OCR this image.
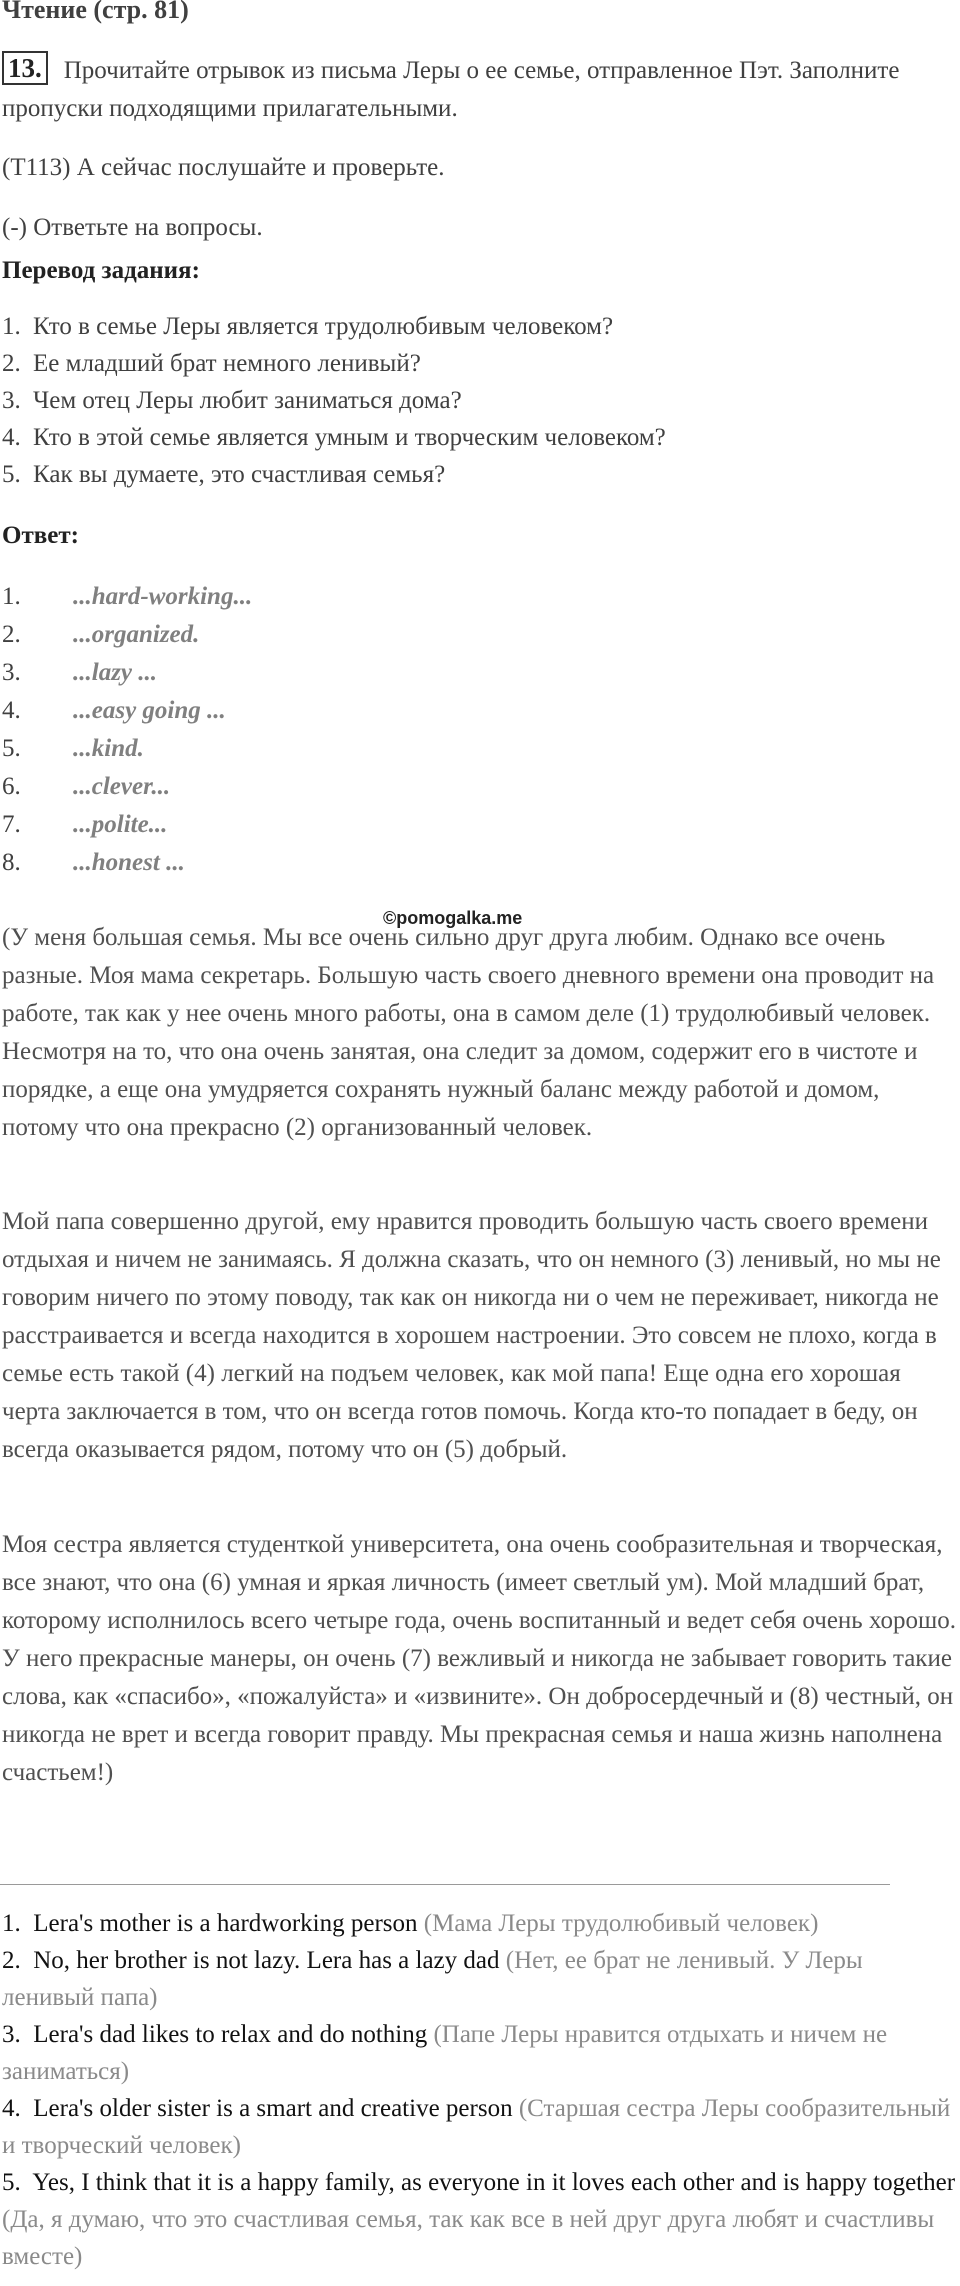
Чтение (стр. 81)
13. Прочитайте отрывок из письма Леры о ее семье, отправленное Пэт. Заполните пропуски подходящими прилагательными.
(T113) А сейчас послушайте и проверьте.
(-) Ответьте на вопросы.
Перевод задания:
1. Кто в семье Леры является трудолюбивым человеком?
2. Ее младший брат немного ленивый?
3. Чем отец Леры любит заниматься дома?
4. Кто в этой семье является умным и творческим человеком?
5. Как вы думаете, это счастливая семья?
Ответ:
1. ...hard-working...
2. ...organized.
3. ...lazy ...
4. ...easy going ...
5. ...kind.
6. ...clever...
7. ...polite...
8. ...honest ...
©pomogalka.me

(У меня большая семья. Мы все очень сильно друг друга любим. Однако все очень разные. Моя мама секретарь. Большую часть своего дневного времени она проводит на работе, так как у нее очень много работы, она в самом деле (1) трудолюбивый человек. Несмотря на то, что она очень занятая, она следит за домом, содержит его в чистоте и порядке, а еще она умудряется сохранять нужный баланс между работой и домом, потому что она прекрасно (2) организованный человек.

Мой папа совершенно другой, ему нравится проводить большую часть своего времени отдыхая и ничем не занимаясь. Я должна сказать, что он немного (3) ленивый, но мы не говорим ничего по этому поводу, так как он никогда ни о чем не переживает, никогда не расстраивается и всегда находится в хорошем настроении. Это совсем не плохо, когда в семье есть такой (4) легкий на подъем человек, как мой папа! Еще одна его хорошая черта заключается в том, что он всегда готов помочь. Когда кто-то попадает в беду, он всегда оказывается рядом, потому что он (5) добрый.

Моя сестра является студенткой университета, она очень сообразительная и творческая, все знают, что она (6) умная и яркая личность (имеет светлый ум). Мой младший брат, которому исполнилось всего четыре года, очень воспитанный и ведет себя очень хорошо. У него прекрасные манеры, он очень (7) вежливый и никогда не забывает говорить такие слова, как «спасибо», «пожалуйста» и «извините». Он добросердечный и (8) честный, он никогда не врет и всегда говорит правду. Мы прекрасная семья и наша жизнь наполнена счастьем!)

1. Lera's mother is a hardworking person (Мама Леры трудолюбивый человек)
2. No, her brother is not lazy. Lera has a lazy dad (Нет, ее брат не ленивый. У Леры ленивый папа)
3. Lera's dad likes to relax and do nothing (Папе Леры нравится отдыхать и ничем не заниматься)
4. Lera's older sister is a smart and creative person (Старшая сестра Леры сообразительный и творческий человек)
5. Yes, I think that it is a happy family, as everyone in it loves each other and is happy together (Да, я думаю, что это счастливая семья, так как все в ней друг друга любят и счастливы вместе)
